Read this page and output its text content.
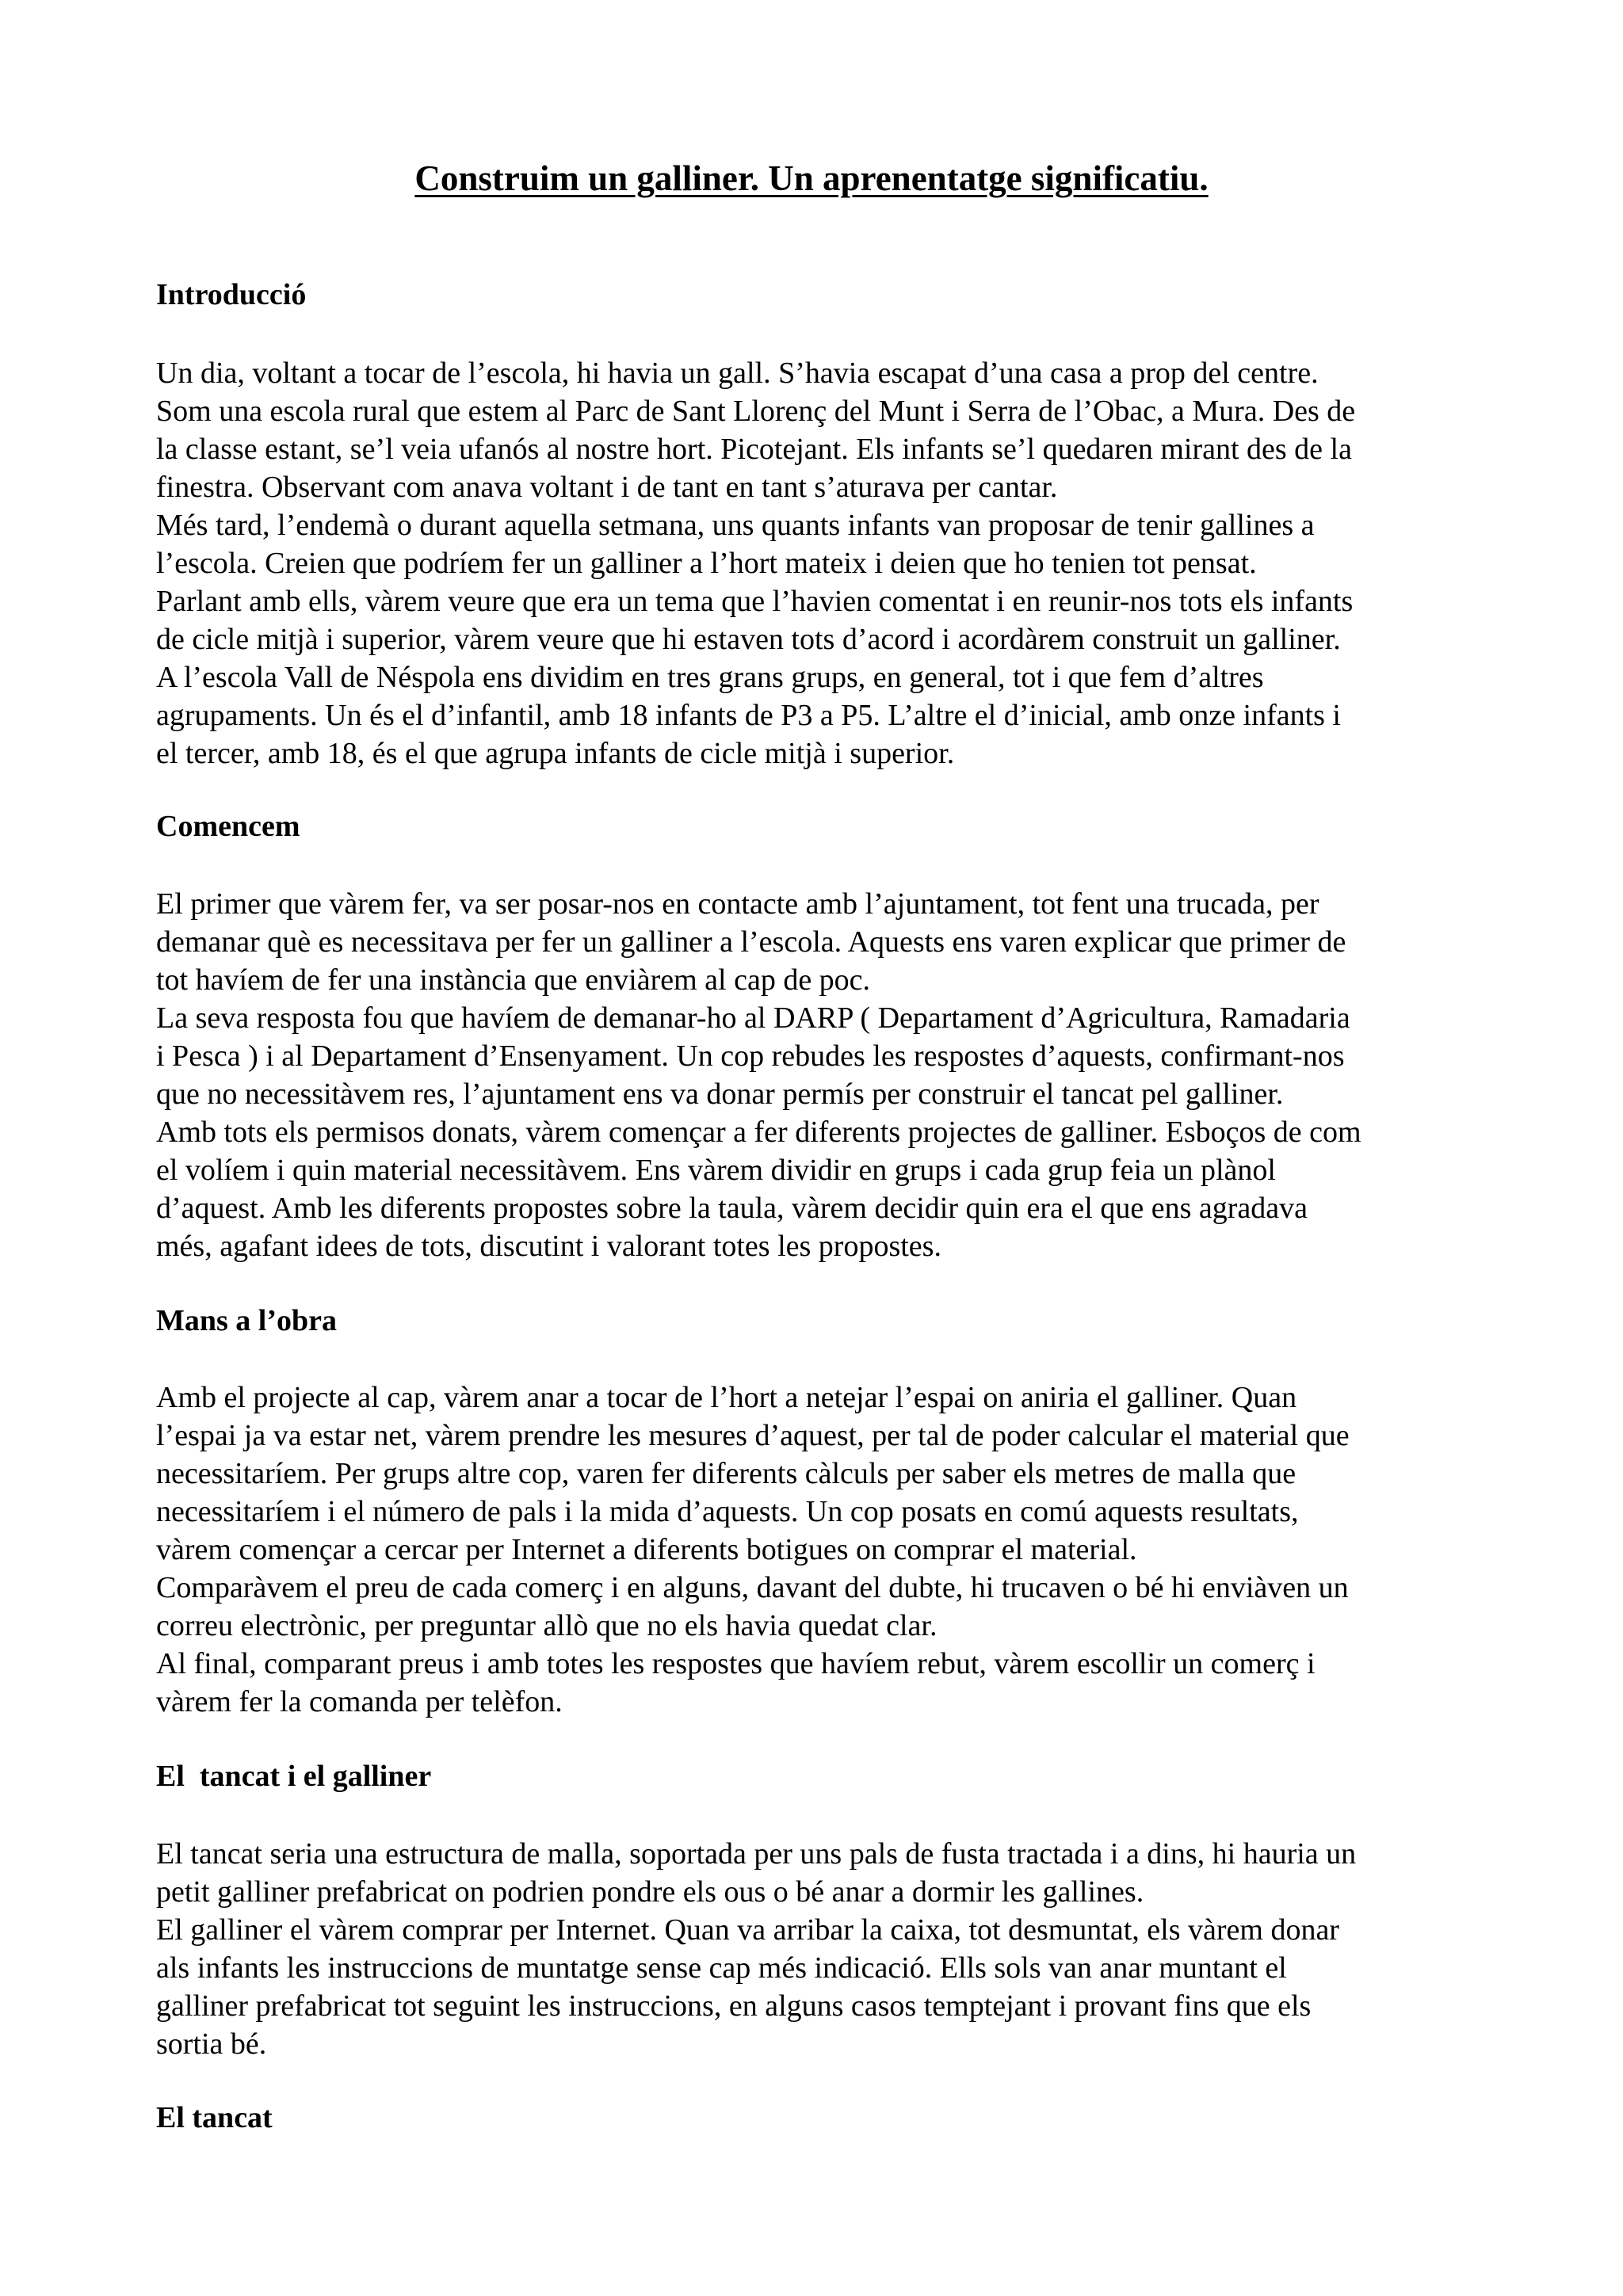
Construim un galliner. Un aprenentatge significatiu.
Introducció
Un dia, voltant a tocar de l’escola, hi havia un gall. S’havia escapat d’una casa a prop del centre.
Som una escola rural que estem al Parc de Sant Llorenç del Munt i Serra de l’Obac, a Mura. Des de
la classe estant, se’l veia ufanós al nostre hort. Picotejant. Els infants se’l quedaren mirant des de la
finestra. Observant com anava voltant i de tant en tant s’aturava per cantar.
Més tard, l’endemà o durant aquella setmana, uns quants infants van proposar de tenir gallines a
l’escola. Creien que podríem fer un galliner a l’hort mateix i deien que ho tenien tot pensat.
Parlant amb ells, vàrem veure que era un tema que l’havien comentat i en reunir-nos tots els infants
de cicle mitjà i superior, vàrem veure que hi estaven tots d’acord i acordàrem construit un galliner.
A l’escola Vall de Néspola ens dividim en tres grans grups, en general, tot i que fem d’altres
agrupaments. Un és el d’infantil, amb 18 infants de P3 a P5. L’altre el d’inicial, amb onze infants i
el tercer, amb 18, és el que agrupa infants de cicle mitjà i superior.
Comencem
El primer que vàrem fer, va ser posar-nos en contacte amb l’ajuntament, tot fent una trucada, per
demanar què es necessitava per fer un galliner a l’escola. Aquests ens varen explicar que primer de
tot havíem de fer una instància que enviàrem al cap de poc.
La seva resposta fou que havíem de demanar-ho al DARP ( Departament d’Agricultura, Ramadaria
i Pesca ) i al Departament d’Ensenyament. Un cop rebudes les respostes d’aquests, confirmant-nos
que no necessitàvem res, l’ajuntament ens va donar permís per construir el tancat pel galliner.
Amb tots els permisos donats, vàrem començar a fer diferents projectes de galliner. Esboços de com
el volíem i quin material necessitàvem. Ens vàrem dividir en grups i cada grup feia un plànol
d’aquest. Amb les diferents propostes sobre la taula, vàrem decidir quin era el que ens agradava
més, agafant idees de tots, discutint i valorant totes les propostes.
Mans a l’obra
Amb el projecte al cap, vàrem anar a tocar de l’hort a netejar l’espai on aniria el galliner. Quan
l’espai ja va estar net, vàrem prendre les mesures d’aquest, per tal de poder calcular el material que
necessitaríem. Per grups altre cop, varen fer diferents càlculs per saber els metres de malla que
necessitaríem i el número de pals i la mida d’aquests. Un cop posats en comú aquests resultats,
vàrem començar a cercar per Internet a diferents botigues on comprar el material.
Comparàvem el preu de cada comerç i en alguns, davant del dubte, hi trucaven o bé hi enviàven un
correu electrònic, per preguntar allò que no els havia quedat clar.
Al final, comparant preus i amb totes les respostes que havíem rebut, vàrem escollir un comerç i
vàrem fer la comanda per telèfon.
El  tancat i el galliner
El tancat seria una estructura de malla, soportada per uns pals de fusta tractada i a dins, hi hauria un
petit galliner prefabricat on podrien pondre els ous o bé anar a dormir les gallines.
El galliner el vàrem comprar per Internet. Quan va arribar la caixa, tot desmuntat, els vàrem donar
als infants les instruccions de muntatge sense cap més indicació. Ells sols van anar muntant el
galliner prefabricat tot seguint les instruccions, en alguns casos temptejant i provant fins que els
sortia bé.
El tancat
